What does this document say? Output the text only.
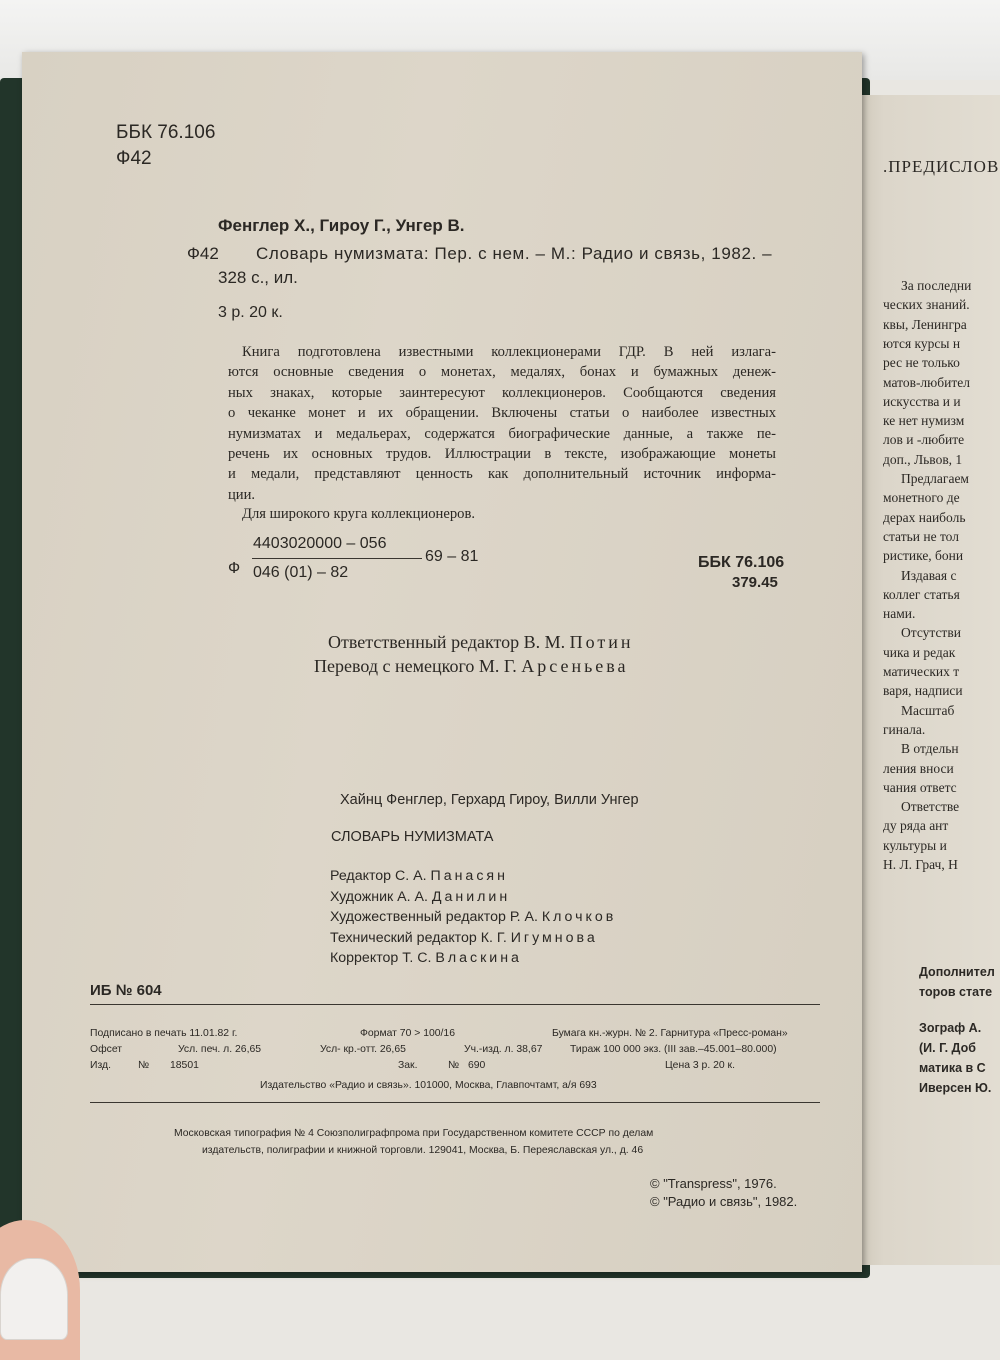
.ПРЕДИСЛОВ
За последни
ческих знаний.
квы, Ленингра
ются курсы н
рес не только
матов-любител
искусства и и
ке нет нумизм
лов и -любите
доп., Львов, 1
Предлагаем
монетного де
дерах наиболь
статьи не тол
ристике, бони
Издавая с
коллег статья
нами.
Отсутстви
чика и редак
матических т
варя, надписи
Масштаб
гинала.
В отдельн
ления вноси
чания ответс
Ответстве
ду ряда ант
культуры и
Н. Л. Грач, Н
Дополнител
торов стате
Зограф А.
(И. Г. Доб
матика в С
Иверсен Ю.
ББК 76.106
Ф42
Фенглер Х., Гироу Г., Унгер В.
Ф42 Словарь нумизмата: Пер. с нем. – М.: Радио и связь, 1982. –
328 с., ил.
3 р. 20 к.
Книга подготовлена известными коллекционерами ГДР. В ней излага-
ются основные сведения о монетах, медалях, бонах и бумажных денеж-
ных знаках, которые заинтересуют коллекционеров. Сообщаются сведения
о чеканке монет и их обращении. Включены статьи о наиболее известных
нумизматах и медальерах, содержатся биографические данные, а также пе-
речень их основных трудов. Иллюстрации в тексте, изображающие монеты
и медали, представляют ценность как дополнительный источник информа-
ции.
Для широкого круга коллекционеров.
Ф
4403020000 – 056
69 – 81
046 (01) – 82
ББК 76.106
379.45
Ответственный редактор В. М. Потин
Перевод с немецкого М. Г. Арсеньева
Хайнц Фенглер, Герхард Гироу, Вилли Унгер
СЛОВАРЬ НУМИЗМАТА
Редактор С. А. Панасян
Художник А. А. Данилин
Художественный редактор Р. А. Клочков
Технический редактор К. Г. Игумнова
Корректор Т. С. Власкина
ИБ № 604
Подписано в печать 11.01.82 г.	Формат 70 > 100/16	Бумага кн.-журн. № 2. Гарнитура «Пресс-роман»
Офсет	Усл. печ. л. 26,65	Усл- кр.-отт. 26,65	Уч.-изд. л. 38,67	Тираж 100 000 экз. (III зав.–45.001–80.000)
Изд.	№ 18501	Зак.	№ 690	Цена 3 р. 20 к.
Издательство «Радио и связь». 101000, Москва, Главпочтамт, а/я 693
Московская типография № 4 Союзполиграфпрома при Государственном комитете СССР по делам
издательств, полиграфии и книжной торговли. 129041, Москва, Б. Переяславская ул., д. 46
© "Transpress", 1976.
© "Радио и связь", 1982.
